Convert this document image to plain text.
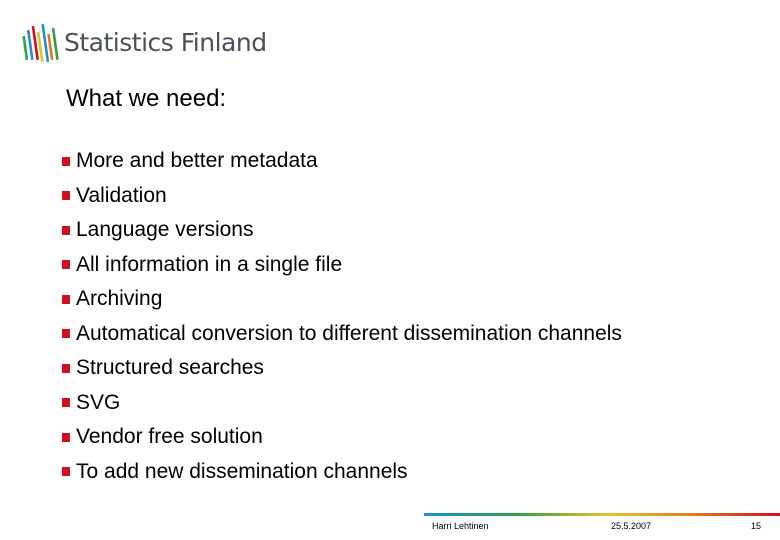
Statistics Finland
What we need:
More and better metadata
Validation
Language versions
All information in a single file
Archiving
Automatical conversion to different dissemination channels
Structured searches
SVG
Vendor free solution
To add new dissemination channels
Harri Lehtinen	25.5.2007	15
